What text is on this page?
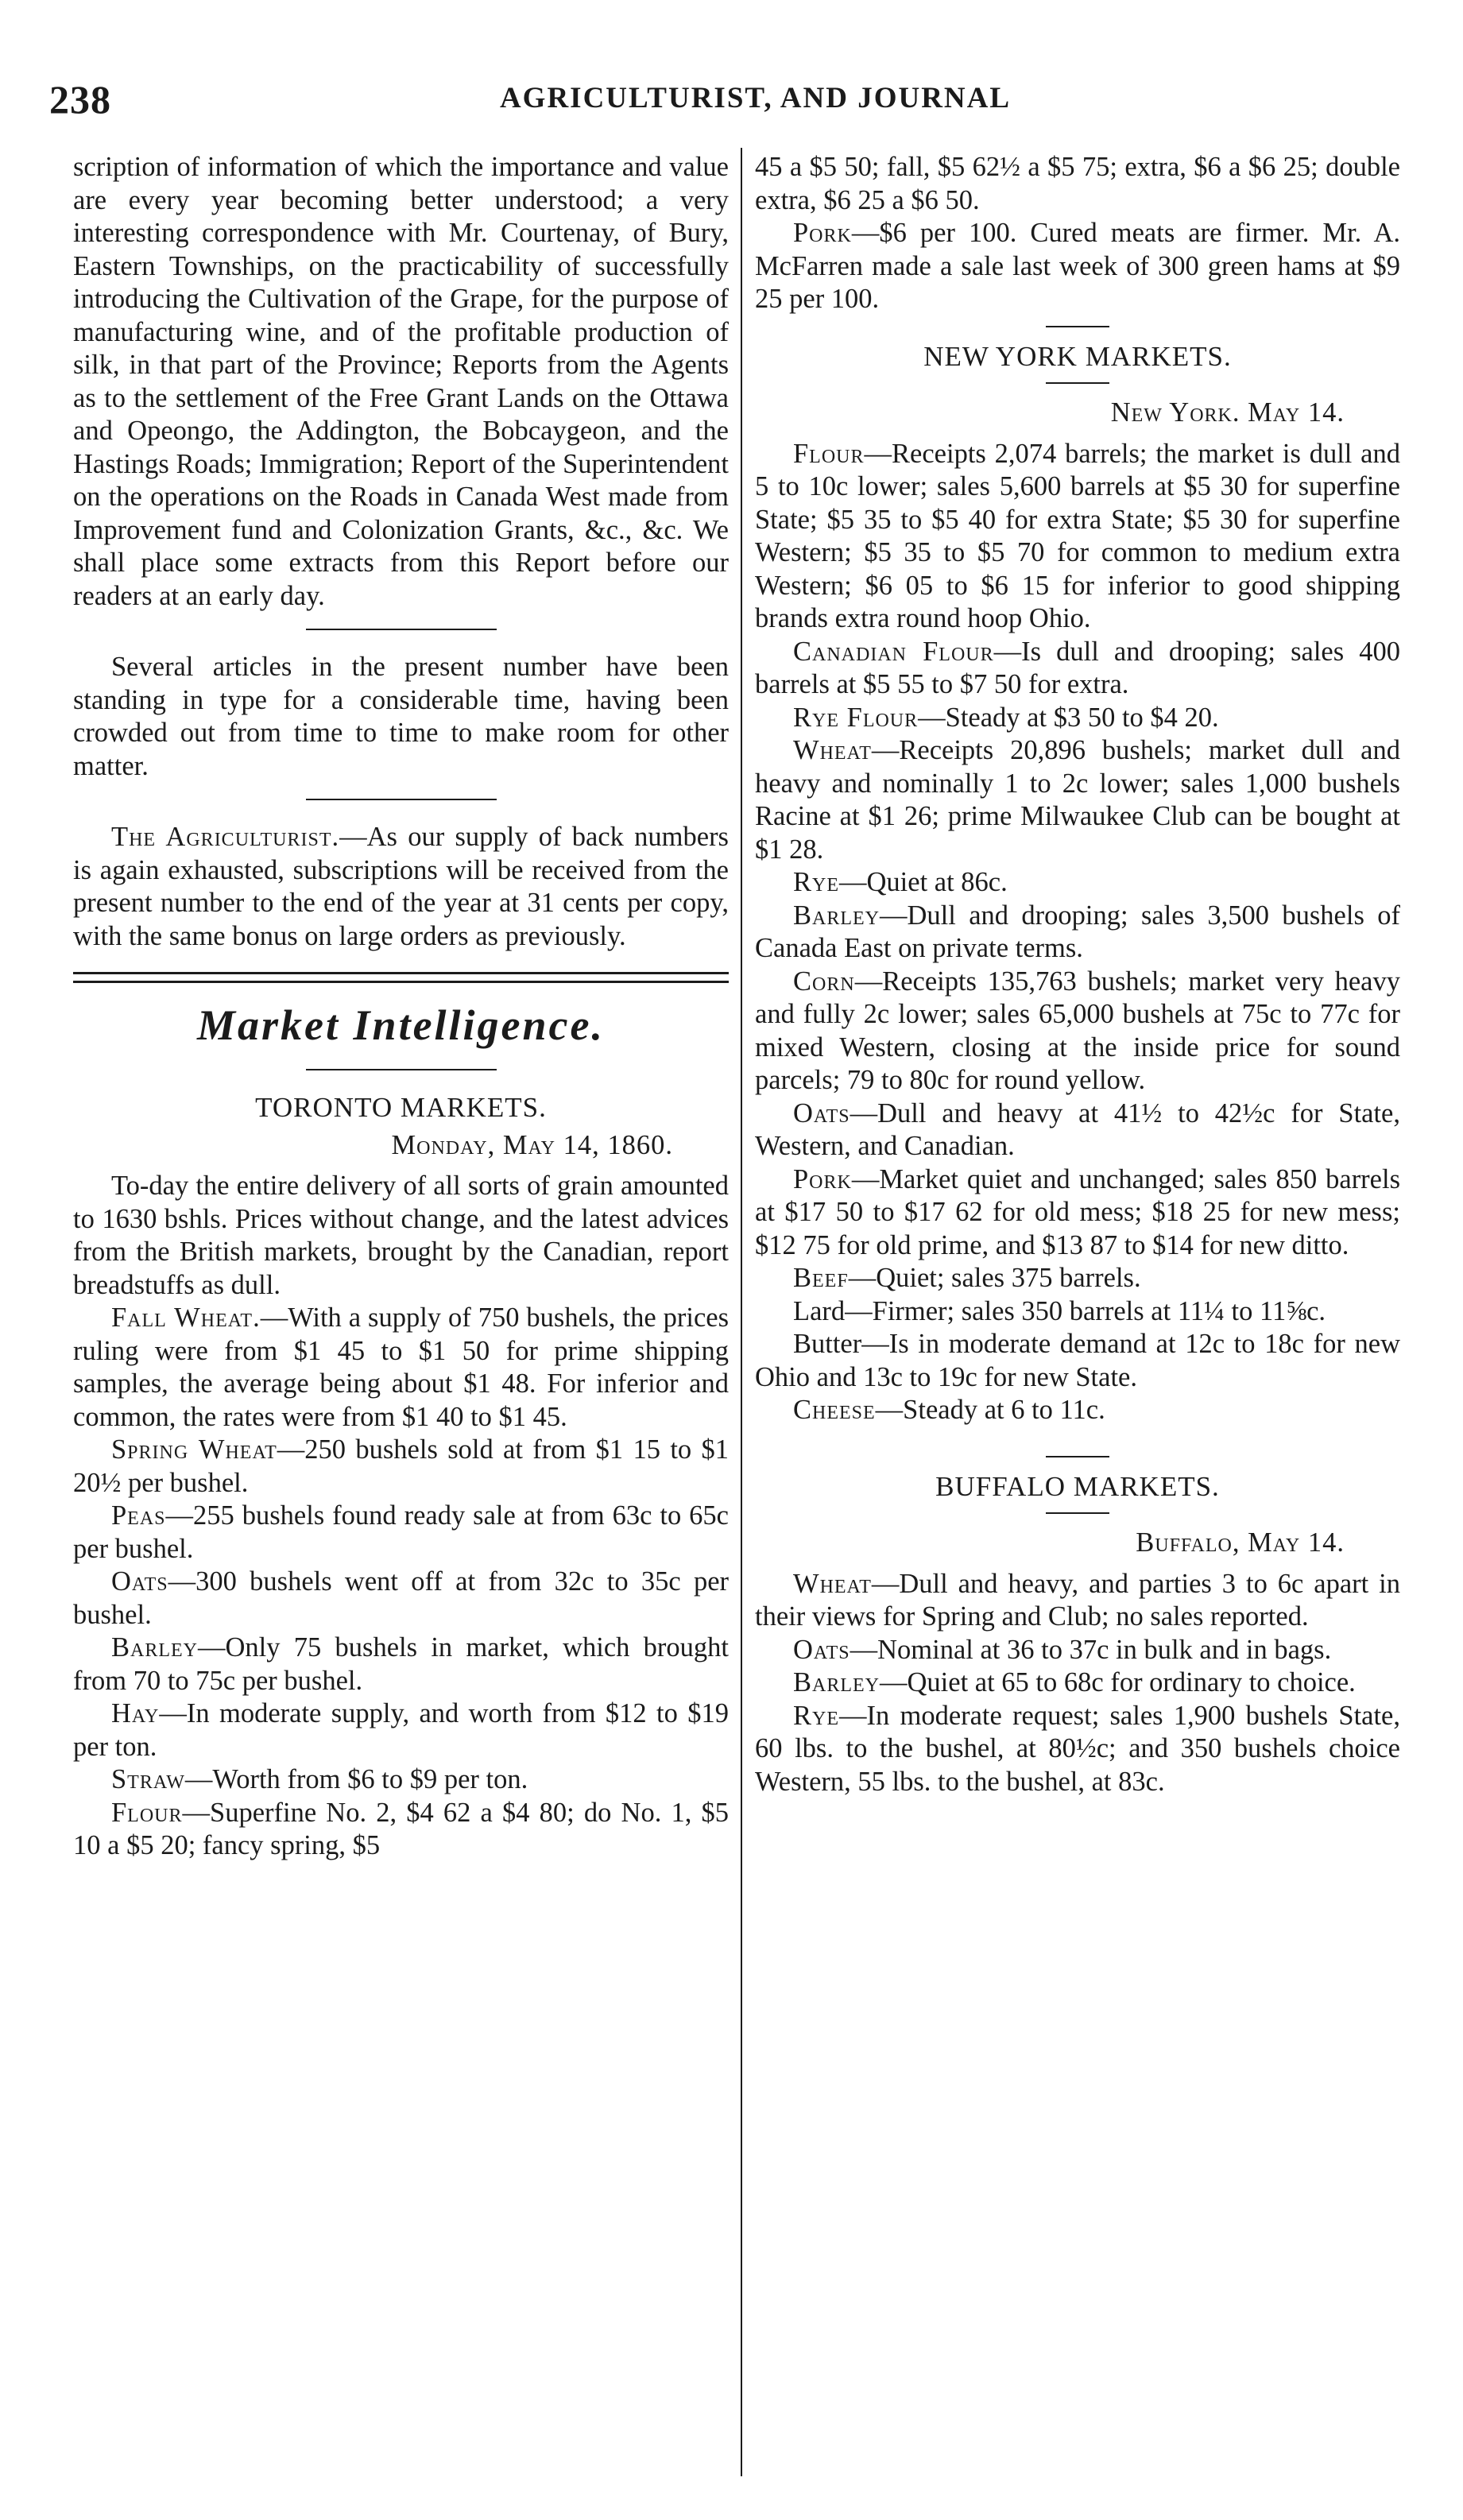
238	AGRICULTURIST, AND JOURNAL

scription of information of which the importance and value are every year becoming better understood; a very interesting correspondence with Mr. Courtenay, of Bury, Eastern Townships, on the practicability of successfully introducing the Cultivation of the Grape, for the purpose of manufacturing wine, and of the profitable production of silk, in that part of the Province; Reports from the Agents as to the settlement of the Free Grant Lands on the Ottawa and Opeongo, the Addington, the Bobcaygeon, and the Hastings Roads; Immigration; Report of the Superintendent on the operations on the Roads in Canada West made from Improvement fund and Colonization Grants, &c., &c. We shall place some extracts from this Report before our readers at an early day.

Several articles in the present number have been standing in type for a considerable time, having been crowded out from time to time to make room for other matter.

The Agriculturist.—As our supply of back numbers is again exhausted, subscriptions will be received from the present number to the end of the year at 31 cents per copy, with the same bonus on large orders as previously.

Market Intelligence.
TORONTO MARKETS.
Monday, May 14, 1860.

To-day the entire delivery of all sorts of grain amounted to 1630 bshls. Prices without change, and the latest advices from the British markets, brought by the Canadian, report breadstuffs as dull.

Fall Wheat.—With a supply of 750 bushels, the prices ruling were from $1 45 to $1 50 for prime shipping samples, the average being about $1 48. For inferior and common, the rates were from $1 40 to $1 45.

Spring Wheat—250 bushels sold at from $1 15 to $1 20½ per bushel.

Peas—255 bushels found ready sale at from 63c to 65c per bushel.

Oats—300 bushels went off at from 32c to 35c per bushel.

Barley—Only 75 bushels in market, which brought from 70 to 75c per bushel.

Hay—In moderate supply, and worth from $12 to $19 per ton.

Straw—Worth from $6 to $9 per ton.

Flour—Superfine No. 2, $4 62 a $4 80; do No. 1, $5 10 a $5 20; fancy spring, $5

45 a $5 50; fall, $5 62½ a $5 75; extra, $6 a $6 25; double extra, $6 25 a $6 50.

Pork—$6 per 100. Cured meats are firmer. Mr. A. McFarren made a sale last week of 300 green hams at $9 25 per 100.

NEW YORK MARKETS.
New York. May 14.

Flour—Receipts 2,074 barrels; the market is dull and 5 to 10c lower; sales 5,600 barrels at $5 30 for superfine State; $5 35 to $5 40 for extra State; $5 30 for superfine Western; $5 35 to $5 70 for common to medium extra Western; $6 05 to $6 15 for inferior to good shipping brands extra round hoop Ohio.

Canadian Flour—Is dull and drooping; sales 400 barrels at $5 55 to $7 50 for extra.

Rye Flour—Steady at $3 50 to $4 20.

Wheat—Receipts 20,896 bushels; market dull and heavy and nominally 1 to 2c lower; sales 1,000 bushels Racine at $1 26; prime Milwaukee Club can be bought at $1 28.

Rye—Quiet at 86c.

Barley—Dull and drooping; sales 3,500 bushels of Canada East on private terms.

Corn—Receipts 135,763 bushels; market very heavy and fully 2c lower; sales 65,000 bushels at 75c to 77c for mixed Western, closing at the inside price for sound parcels; 79 to 80c for round yellow.

Oats—Dull and heavy at 41½ to 42½c for State, Western, and Canadian.

Pork—Market quiet and unchanged; sales 850 barrels at $17 50 to $17 62 for old mess; $18 25 for new mess; $12 75 for old prime, and $13 87 to $14 for new ditto.

Beef—Quiet; sales 375 barrels.

Lard—Firmer; sales 350 barrels at 11¼ to 11⅝c.

Butter—Is in moderate demand at 12c to 18c for new Ohio and 13c to 19c for new State.

Cheese—Steady at 6 to 11c.

BUFFALO MARKETS.
Buffalo, May 14.

Wheat—Dull and heavy, and parties 3 to 6c apart in their views for Spring and Club; no sales reported.

Oats—Nominal at 36 to 37c in bulk and in bags.

Barley—Quiet at 65 to 68c for ordinary to choice.

Rye—In moderate request; sales 1,900 bushels State, 60 lbs. to the bushel, at 80½c; and 350 bushels choice Western, 55 lbs. to the bushel, at 83c.
